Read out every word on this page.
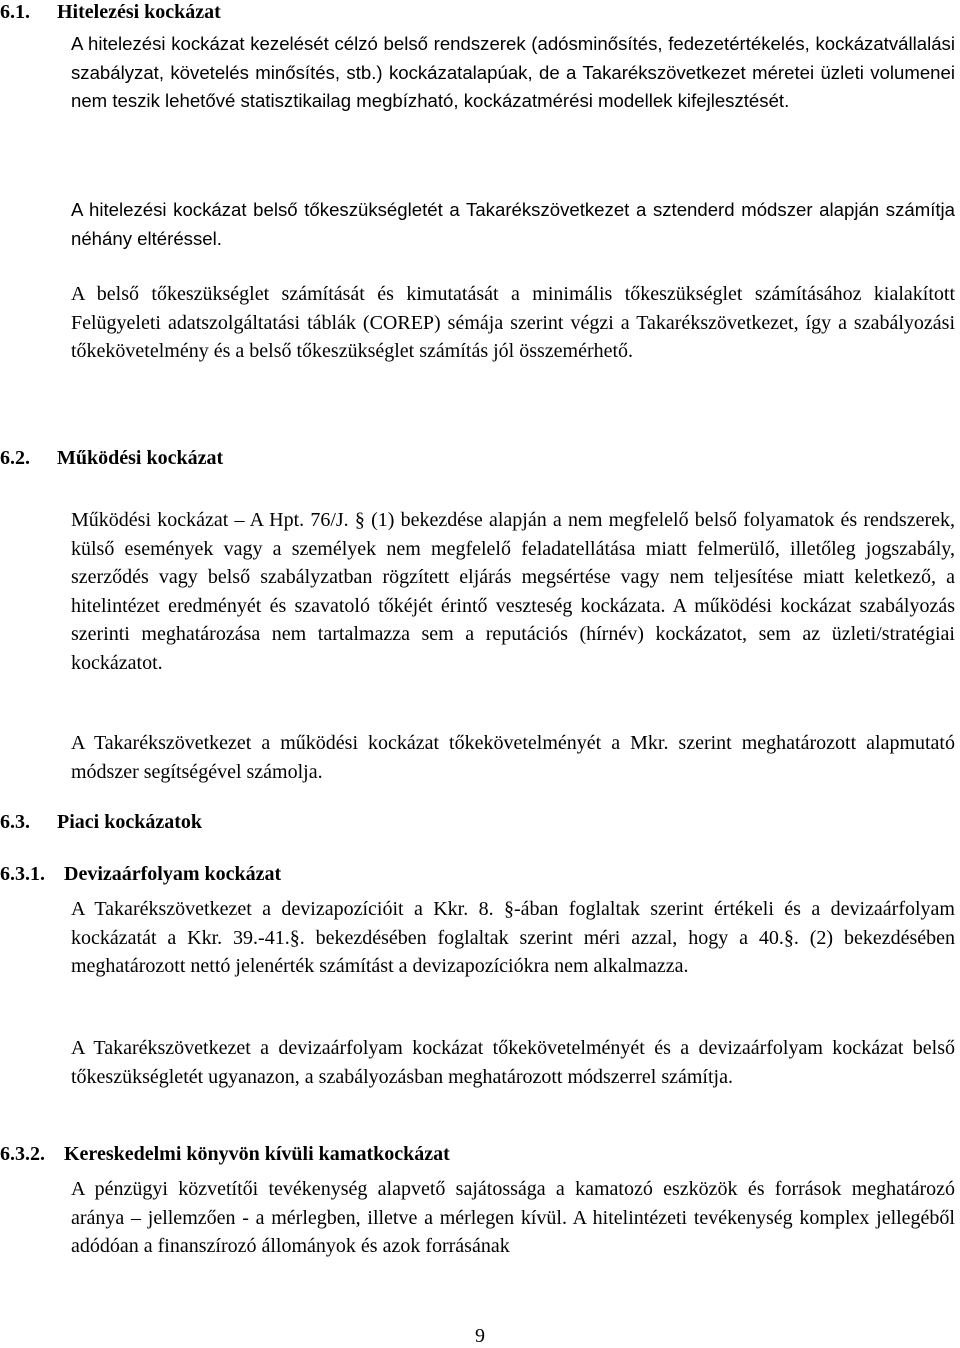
6.1. Hitelezési kockázat

A hitelezési kockázat kezelését célzó belső rendszerek (adósminősítés, fedezetértékelés, kockázatvállalási szabályzat, követelés minősítés, stb.) kockázatalapúak, de a Takarékszövetkezet méretei üzleti volumenei nem teszik lehetővé statisztikailag megbízható, kockázatmérési modellek kifejlesztését.

A hitelezési kockázat belső tőkeszükségletét a Takarékszövetkezet a sztenderd módszer alapján számítja néhány eltéréssel.

A belső tőkeszükséglet számítását és kimutatását a minimális tőkeszükséglet számításához kialakított Felügyeleti adatszolgáltatási táblák (COREP) sémája szerint végzi a Takarékszövetkezet, így a szabályozási tőkekövetelmény és a belső tőkeszükséglet számítás jól összemérhető.

6.2. Működési kockázat

Működési kockázat – A Hpt. 76/J. § (1) bekezdése alapján a nem megfelelő belső folyamatok és rendszerek, külső események vagy a személyek nem megfelelő feladatellátása miatt felmerülő, illetőleg jogszabály, szerződés vagy belső szabályzatban rögzített eljárás megsértése vagy nem teljesítése miatt keletkező, a hitelintézet eredményét és szavatoló tőkéjét érintő veszteség kockázata. A működési kockázat szabályozás szerinti meghatározása nem tartalmazza sem a reputációs (hírnév) kockázatot, sem az üzleti/stratégiai kockázatot.

A Takarékszövetkezet a működési kockázat tőkekövetelményét a Mkr. szerint meghatározott alapmutató módszer segítségével számolja.

6.3. Piaci kockázatok
6.3.1. Devizaárfolyam kockázat

A Takarékszövetkezet a devizapozícióit a Kkr. 8. §-ában foglaltak szerint értékeli és a devizaárfolyam kockázatát a Kkr. 39.-41.§. bekezdésében foglaltak szerint méri azzal, hogy a 40.§. (2) bekezdésében meghatározott nettó jelenérték számítást a devizapozíciókra nem alkalmazza.

A Takarékszövetkezet a devizaárfolyam kockázat tőkekövetelményét és a devizaárfolyam kockázat belső tőkeszükségletét ugyanazon, a szabályozásban meghatározott módszerrel számítja.

6.3.2. Kereskedelmi könyvön kívüli kamatkockázat

A pénzügyi közvetítői tevékenység alapvető sajátossága a kamatozó eszközök és források meghatározó aránya – jellemzően - a mérlegben, illetve a mérlegen kívül. A hitelintézeti tevékenység komplex jellegéből adódóan a finanszírozó állományok és azok forrásának

9
